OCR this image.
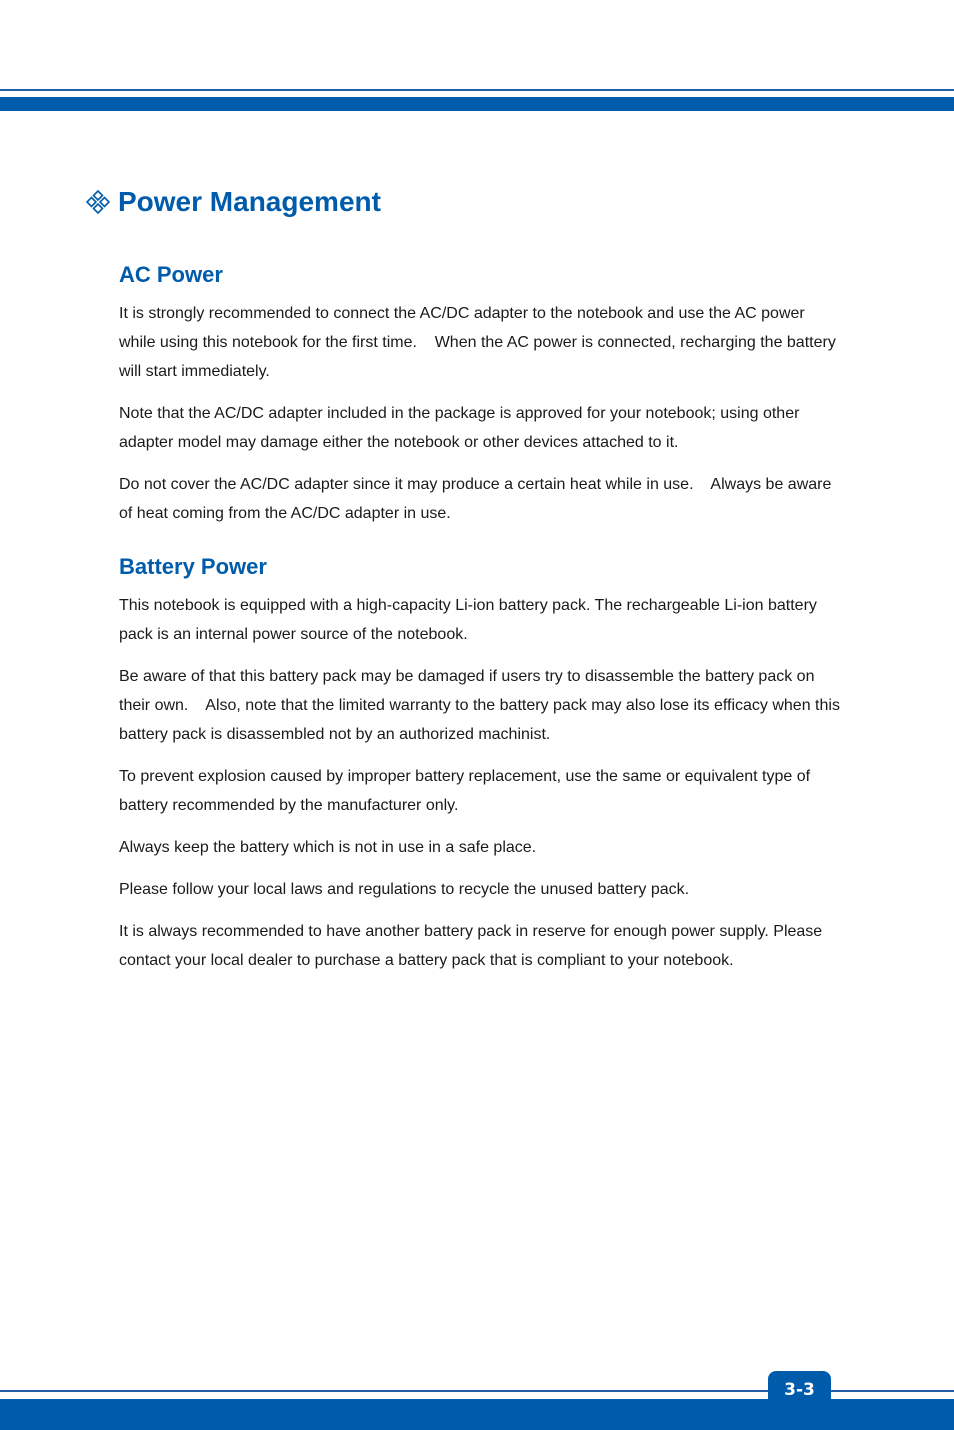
Power Management
AC Power

It is strongly recommended to connect the AC/DC adapter to the notebook and use the AC power while using this notebook for the first time.    When the AC power is connected, recharging the battery will start immediately.

Note that the AC/DC adapter included in the package is approved for your notebook; using other adapter model may damage either the notebook or other devices attached to it.

Do not cover the AC/DC adapter since it may produce a certain heat while in use.    Always be aware of heat coming from the AC/DC adapter in use.

Battery Power

This notebook is equipped with a high-capacity Li-ion battery pack. The rechargeable Li-ion battery pack is an internal power source of the notebook.

Be aware of that this battery pack may be damaged if users try to disassemble the battery pack on their own.    Also, note that the limited warranty to the battery pack may also lose its efficacy when this battery pack is disassembled not by an authorized machinist.

To prevent explosion caused by improper battery replacement, use the same or equivalent type of battery recommended by the manufacturer only.

Always keep the battery which is not in use in a safe place.

Please follow your local laws and regulations to recycle the unused battery pack.

It is always recommended to have another battery pack in reserve for enough power supply. Please contact your local dealer to purchase a battery pack that is compliant to your notebook.

3-3
